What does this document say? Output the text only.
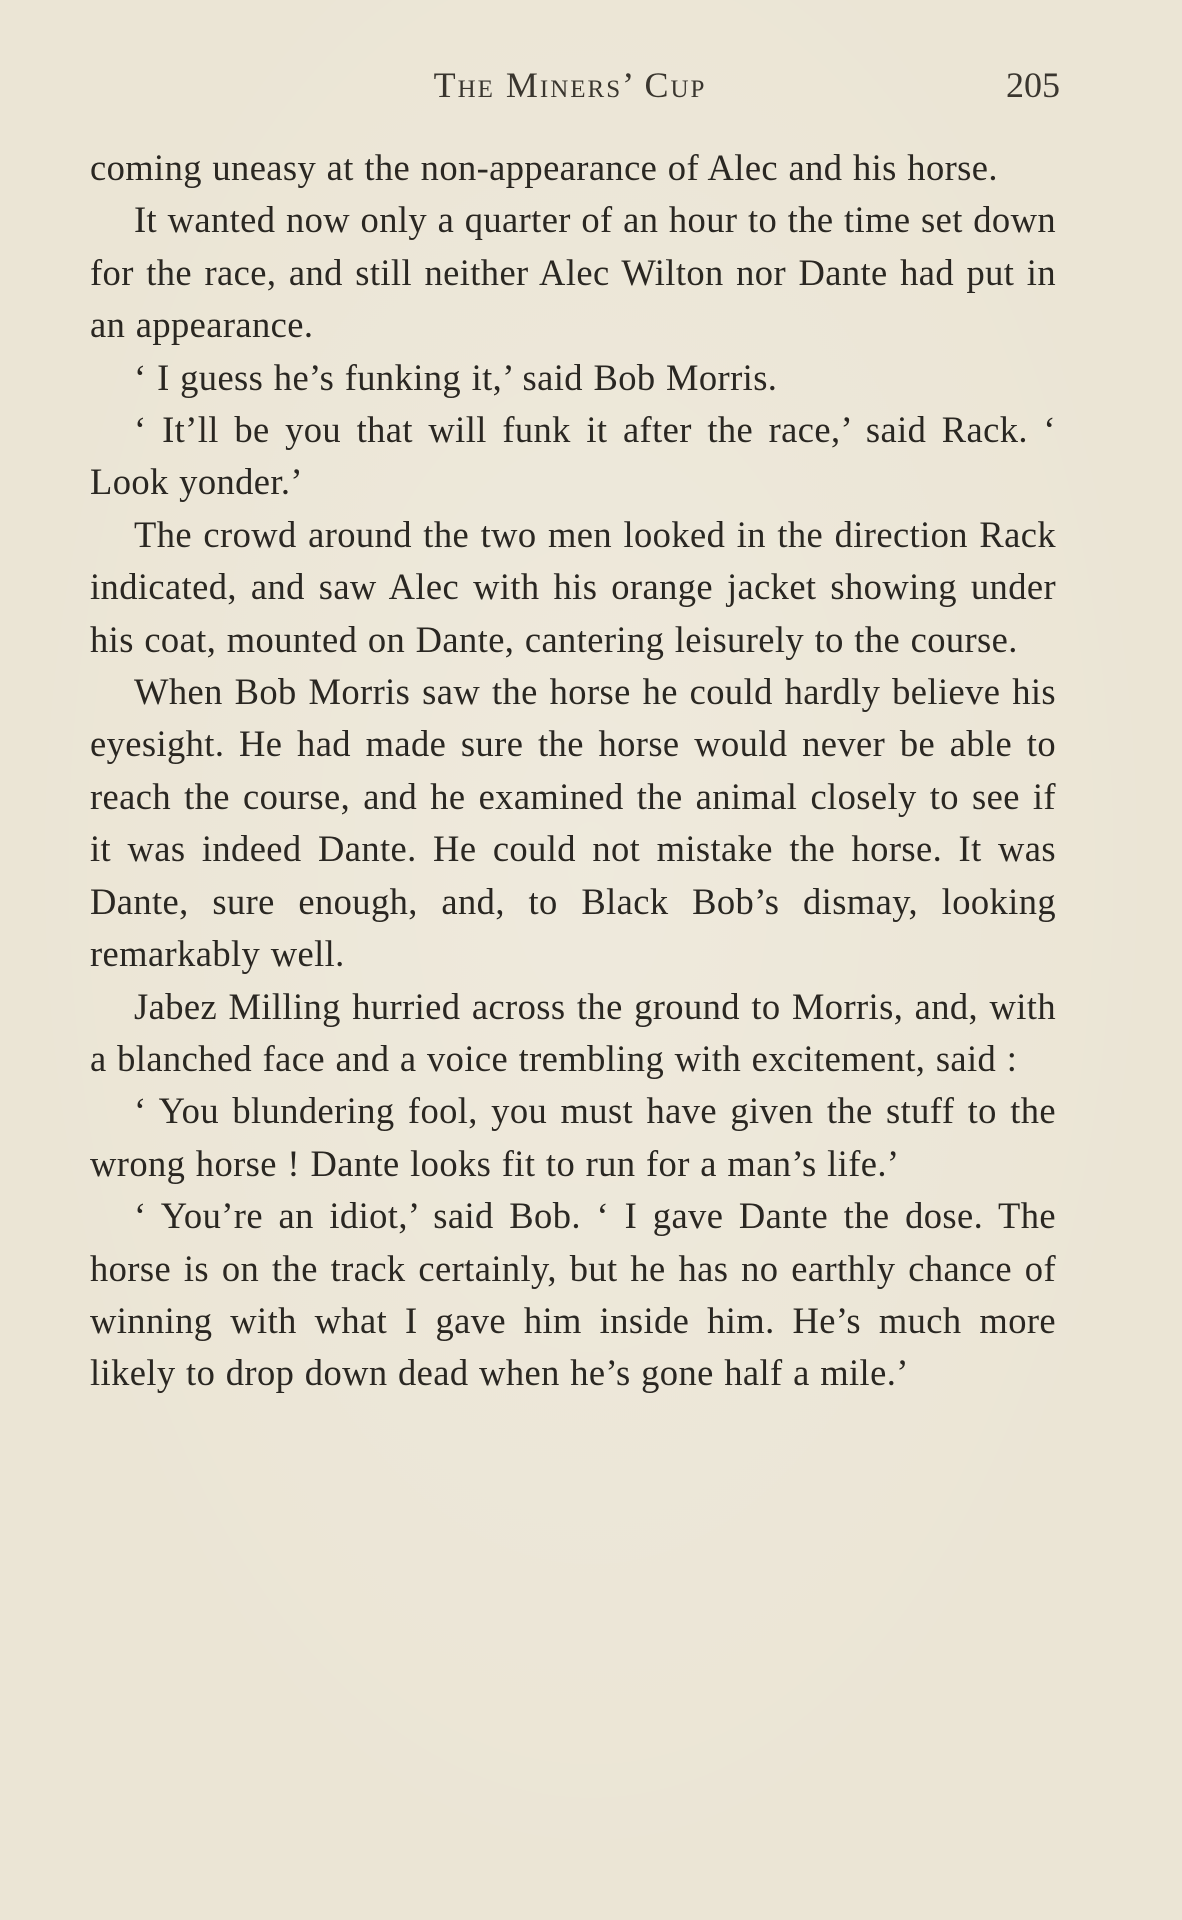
The Miners’ Cup	205

coming uneasy at the non-appearance of Alec and his horse.

It wanted now only a quarter of an hour to the time set down for the race, and still neither Alec Wilton nor Dante had put in an appearance.

‘ I guess he’s funking it,’ said Bob Morris.

‘ It’ll be you that will funk it after the race,’ said Rack. ‘ Look yonder.’

The crowd around the two men looked in the direction Rack indicated, and saw Alec with his orange jacket showing under his coat, mounted on Dante, cantering leisurely to the course.

When Bob Morris saw the horse he could hardly believe his eyesight. He had made sure the horse would never be able to reach the course, and he examined the animal closely to see if it was indeed Dante. He could not mistake the horse. It was Dante, sure enough, and, to Black Bob’s dismay, looking remarkably well.

Jabez Milling hurried across the ground to Morris, and, with a blanched face and a voice trembling with excitement, said :

‘ You blundering fool, you must have given the stuff to the wrong horse ! Dante looks fit to run for a man’s life.’

‘ You’re an idiot,’ said Bob. ‘ I gave Dante the dose. The horse is on the track certainly, but he has no earthly chance of winning with what I gave him inside him. He’s much more likely to drop down dead when he’s gone half a mile.’
